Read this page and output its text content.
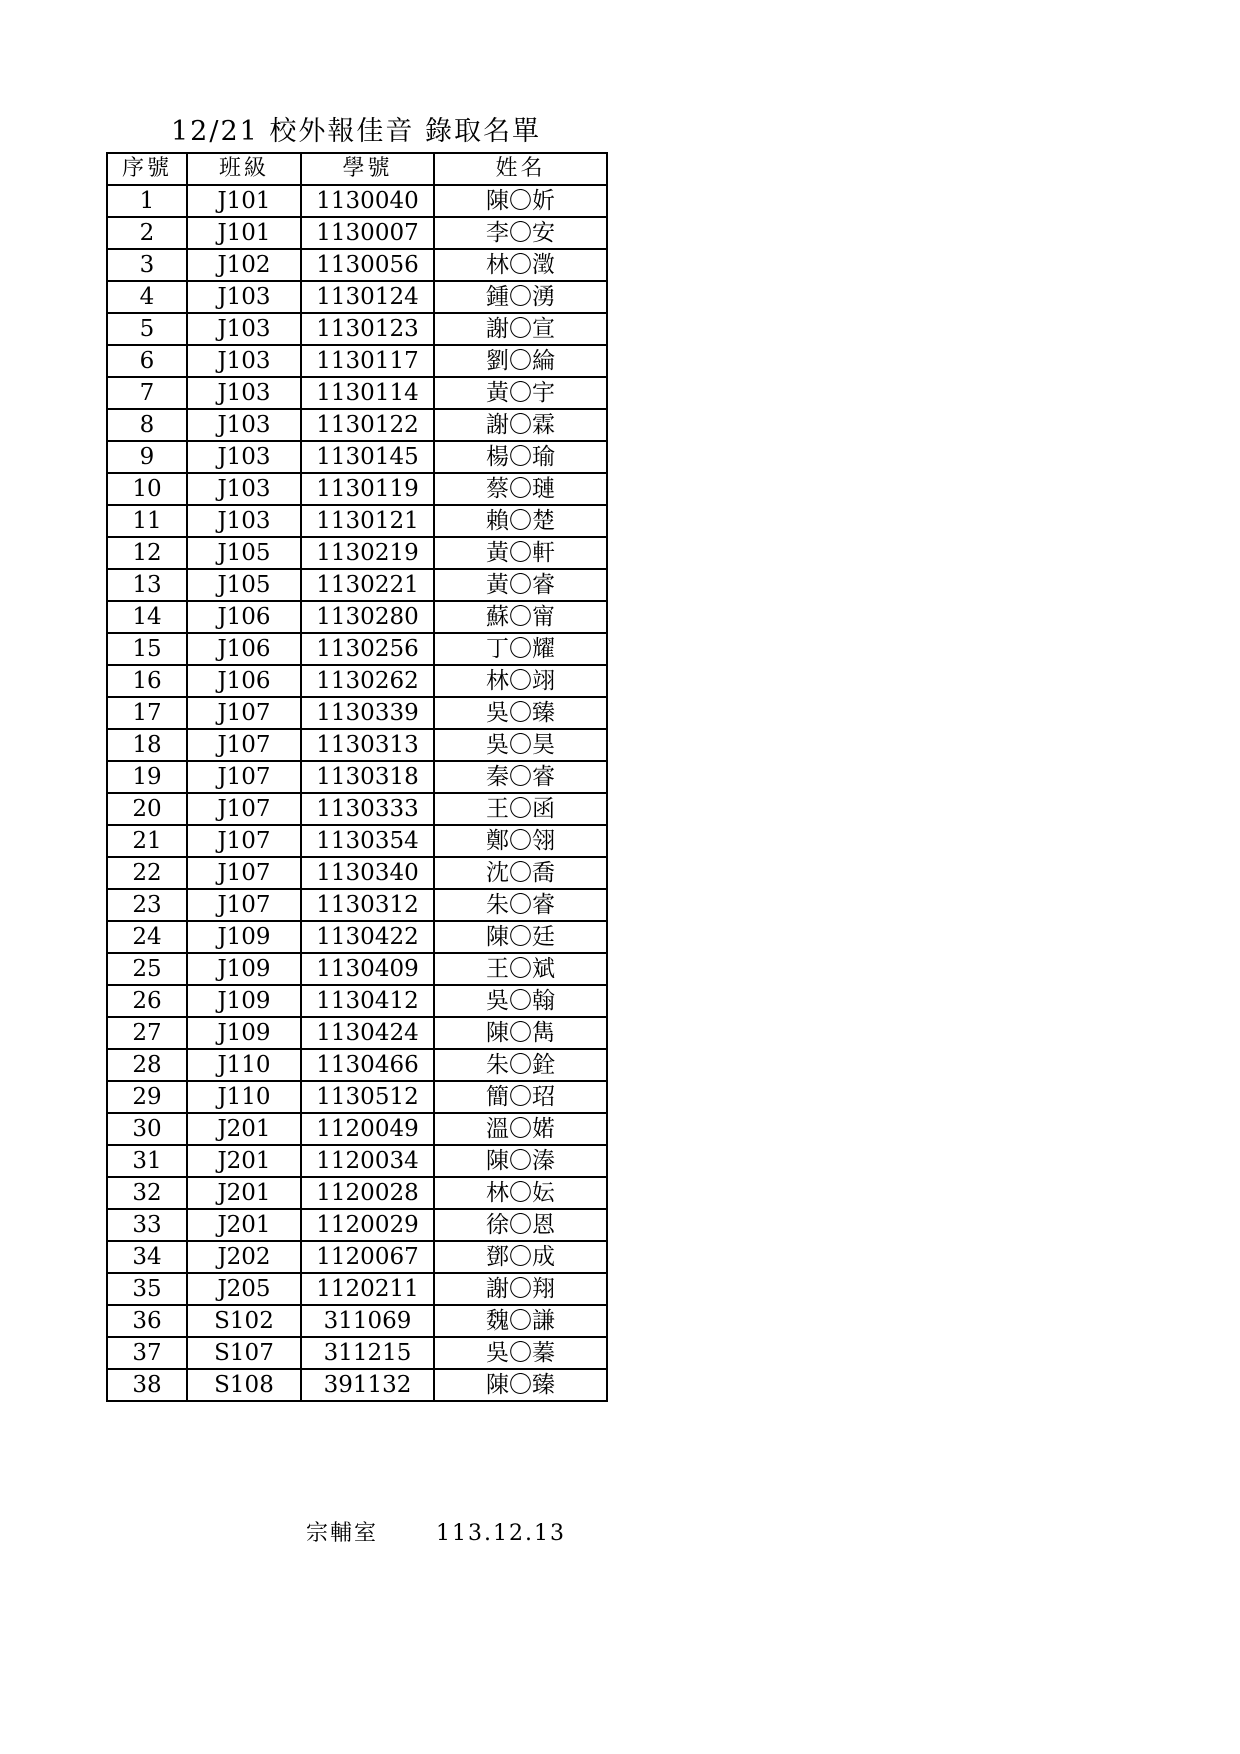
12/21 校外報佳音 錄取名單
序號	班級	學號	姓名
1	J101	1130040	陳〇妡
2	J101	1130007	李〇安
3	J102	1130056	林〇澂
4	J103	1130124	鍾〇湧
5	J103	1130123	謝〇宣
6	J103	1130117	劉〇綸
7	J103	1130114	黃〇宇
8	J103	1130122	謝〇霖
9	J103	1130145	楊〇瑜
10	J103	1130119	蔡〇璉
11	J103	1130121	賴〇楚
12	J105	1130219	黃〇軒
13	J105	1130221	黃〇睿
14	J106	1130280	蘇〇甯
15	J106	1130256	丁〇耀
16	J106	1130262	林〇翊
17	J107	1130339	吳〇臻
18	J107	1130313	吳〇昊
19	J107	1130318	秦〇睿
20	J107	1130333	王〇函
21	J107	1130354	鄭〇翎
22	J107	1130340	沈〇喬
23	J107	1130312	朱〇睿
24	J109	1130422	陳〇廷
25	J109	1130409	王〇斌
26	J109	1130412	吳〇翰
27	J109	1130424	陳〇雋
28	J110	1130466	朱〇銓
29	J110	1130512	簡〇玿
30	J201	1120049	溫〇婼
31	J201	1120034	陳〇溱
32	J201	1120028	林〇妘
33	J201	1120029	徐〇恩
34	J202	1120067	鄧〇成
35	J205	1120211	謝〇翔
36	S102	311069	魏〇謙
37	S107	311215	吳〇蓁
38	S108	391132	陳〇臻
宗輔室	113.12.13
